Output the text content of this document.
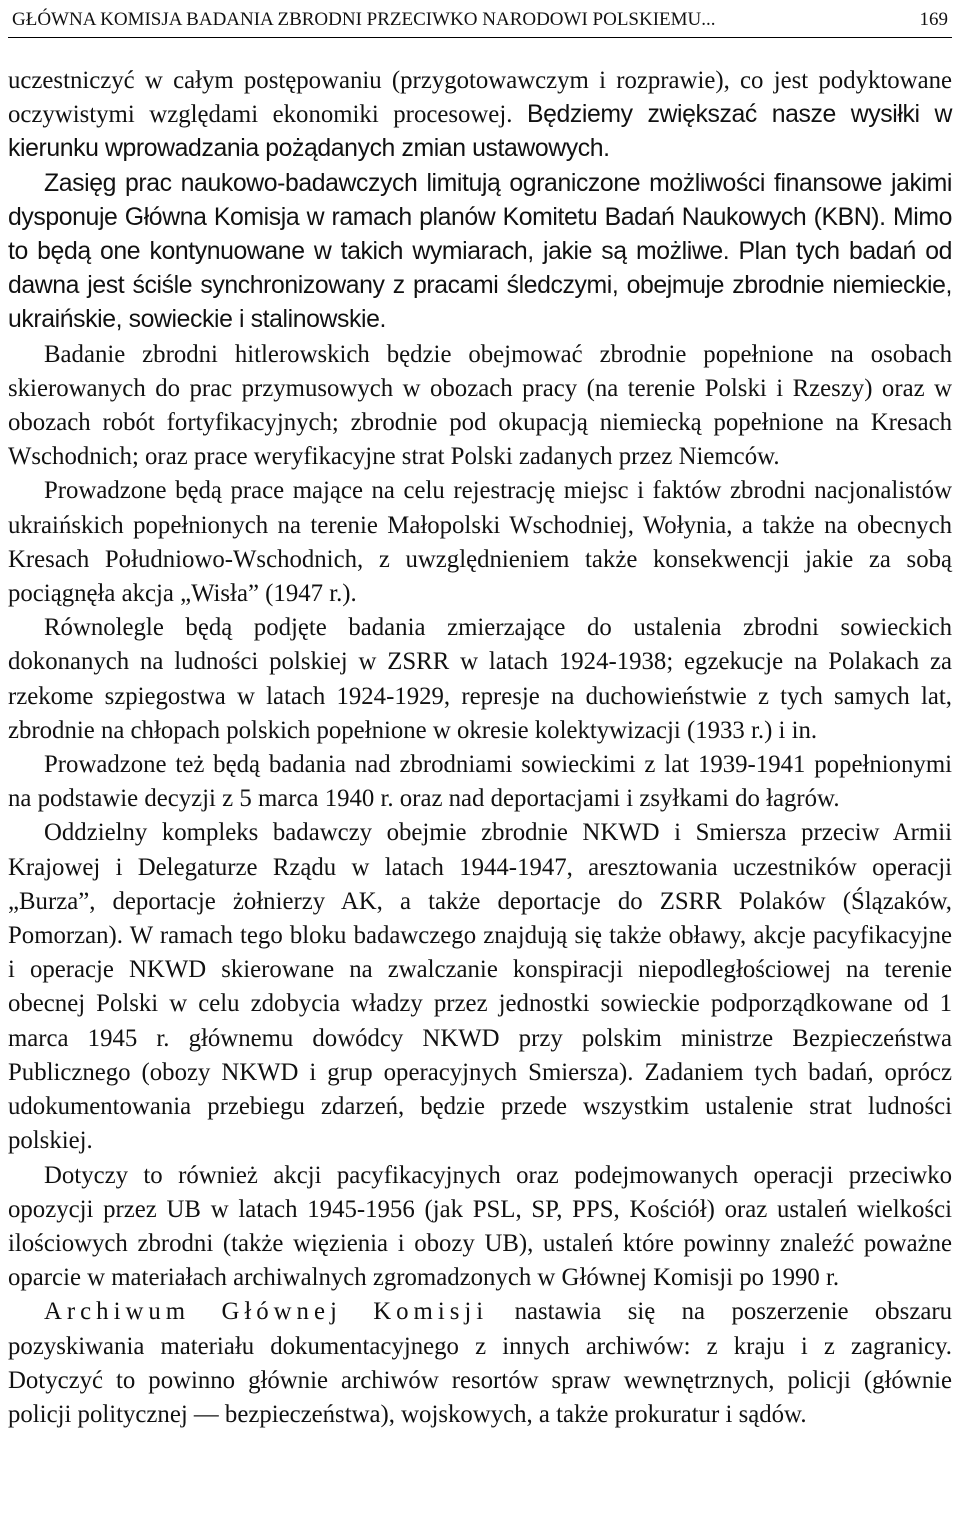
GŁÓWNA KOMISJA BADANIA ZBRODNI PRZECIWKO NARODOWI POLSKIEMU...	169

uczestniczyć w całym postępowaniu (przygotowawczym i rozprawie), co jest podyktowane oczywistymi względami ekonomiki procesowej. Będziemy zwiększać nasze wysiłki w kierunku wprowadzania pożądanych zmian ustawowych.

Zasięg prac naukowo-badawczych limitują ograniczone możliwości finansowe jakimi dysponuje Główna Komisja w ramach planów Komitetu Badań Naukowych (KBN). Mimo to będą one kontynuowane w takich wymiarach, jakie są możliwe. Plan tych badań od dawna jest ściśle synchronizowany z pracami śledczymi, obejmuje zbrodnie niemieckie, ukraińskie, sowieckie i stalinowskie.

Badanie zbrodni hitlerowskich będzie obejmować zbrodnie popełnione na osobach skierowanych do prac przymusowych w obozach pracy (na terenie Polski i Rzeszy) oraz w obozach robót fortyfikacyjnych; zbrodnie pod okupacją niemiecką popełnione na Kresach Wschodnich; oraz prace weryfikacyjne strat Polski zadanych przez Niemców.

Prowadzone będą prace mające na celu rejestrację miejsc i faktów zbrodni nacjonalistów ukraińskich popełnionych na terenie Małopolski Wschodniej, Wołynia, a także na obecnych Kresach Południowo-Wschodnich, z uwzględnieniem także konsekwencji jakie za sobą pociągnęła akcja „Wisła” (1947 r.).

Równolegle będą podjęte badania zmierzające do ustalenia zbrodni sowieckich dokonanych na ludności polskiej w ZSRR w latach 1924-1938; egzekucje na Polakach za rzekome szpiegostwa w latach 1924-1929, represje na duchowieństwie z tych samych lat, zbrodnie na chłopach polskich popełnione w okresie kolektywizacji (1933 r.) i in.

Prowadzone też będą badania nad zbrodniami sowieckimi z lat 1939-1941 popełnionymi na podstawie decyzji z 5 marca 1940 r. oraz nad deportacjami i zsyłkami do łagrów.

Oddzielny kompleks badawczy obejmie zbrodnie NKWD i Smiersza przeciw Armii Krajowej i Delegaturze Rządu w latach 1944-1947, aresztowania uczestników operacji „Burza”, deportacje żołnierzy AK, a także deportacje do ZSRR Polaków (Ślązaków, Pomorzan). W ramach tego bloku badawczego znajdują się także obławy, akcje pacyfikacyjne i operacje NKWD skierowane na zwalczanie konspiracji niepodległościowej na terenie obecnej Polski w celu zdobycia władzy przez jednostki sowieckie podporządkowane od 1 marca 1945 r. głównemu dowódcy NKWD przy polskim ministrze Bezpieczeństwa Publicznego (obozy NKWD i grup operacyjnych Smiersza). Zadaniem tych badań, oprócz udokumentowania przebiegu zdarzeń, będzie przede wszystkim ustalenie strat ludności polskiej.

Dotyczy to również akcji pacyfikacyjnych oraz podejmowanych operacji przeciwko opozycji przez UB w latach 1945-1956 (jak PSL, SP, PPS, Kościół) oraz ustaleń wielkości ilościowych zbrodni (także więzienia i obozy UB), ustaleń które powinny znaleźć poważne oparcie w materiałach archiwalnych zgromadzonych w Głównej Komisji po 1990 r.

Archiwum Głównej Komisji nastawia się na poszerzenie obszaru pozyskiwania materiału dokumentacyjnego z innych archiwów: z kraju i z zagranicy. Dotyczyć to powinno głównie archiwów resortów spraw wewnętrznych, policji (głównie policji politycznej — bezpieczeństwa), wojskowych, a także prokuratur i sądów.
